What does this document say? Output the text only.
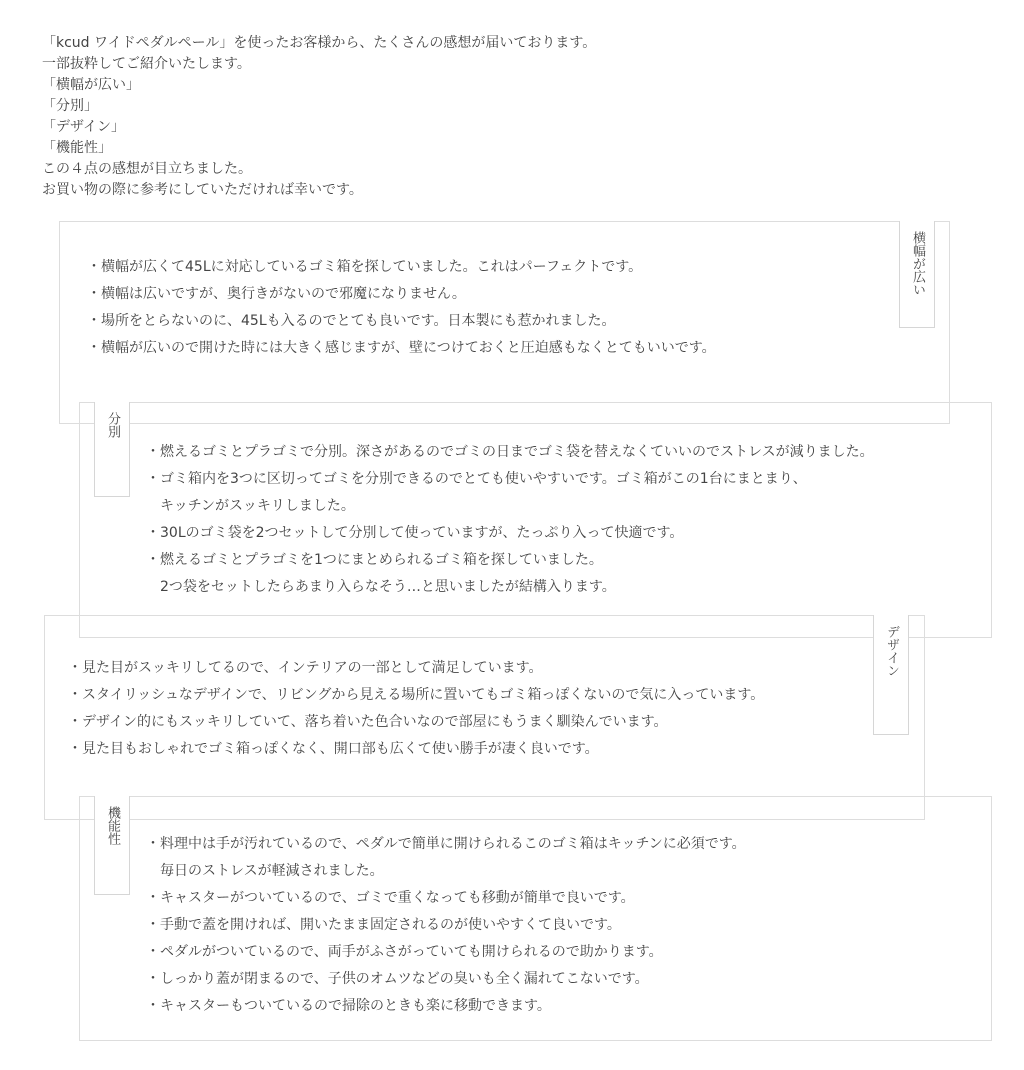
「kcud ワイドペダルペール」を使ったお客様から、たくさんの感想が届いております。
一部抜粋してご紹介いたします。
「横幅が広い」
「分別」
「デザイン」
「機能性」
この４点の感想が目立ちました。
お買い物の際に参考にしていただければ幸いです。
横幅が広い
・横幅が広くて45Lに対応しているゴミ箱を探していました。これはパーフェクトです。
・横幅は広いですが、奥行きがないので邪魔になりません。
・場所をとらないのに、45Lも入るのでとても良いです。日本製にも惹かれました。
・横幅が広いので開けた時には大きく感じますが、壁につけておくと圧迫感もなくとてもいいです。
分別
・燃えるゴミとプラゴミで分別。深さがあるのでゴミの日までゴミ袋を替えなくていいのでストレスが減りました。
・ゴミ箱内を3つに区切ってゴミを分別できるのでとても使いやすいです。ゴミ箱がこの1台にまとまり、
キッチンがスッキリしました。
・30Lのゴミ袋を2つセットして分別して使っていますが、たっぷり入って快適です。
・燃えるゴミとプラゴミを1つにまとめられるゴミ箱を探していました。
2つ袋をセットしたらあまり入らなそう…と思いましたが結構入ります。
デザイン
・見た目がスッキリしてるので、インテリアの一部として満足しています。
・スタイリッシュなデザインで、リビングから見える場所に置いてもゴミ箱っぽくないので気に入っています。
・デザイン的にもスッキリしていて、落ち着いた色合いなので部屋にもうまく馴染んでいます。
・見た目もおしゃれでゴミ箱っぽくなく、開口部も広くて使い勝手が凄く良いです。
機能性 ・料理中は手が汚れているので、ペダルで簡単に開けられるこのゴミ箱はキッチンに必須です。
毎日のストレスが軽減されました。
・キャスターがついているので、ゴミで重くなっても移動が簡単で良いです。
・手動で蓋を開ければ、開いたまま固定されるのが使いやすくて良いです。
・ペダルがついているので、両手がふさがっていても開けられるので助かります。
・しっかり蓋が閉まるので、子供のオムツなどの臭いも全く漏れてこないです。
・キャスターもついているので掃除のときも楽に移動できます。
